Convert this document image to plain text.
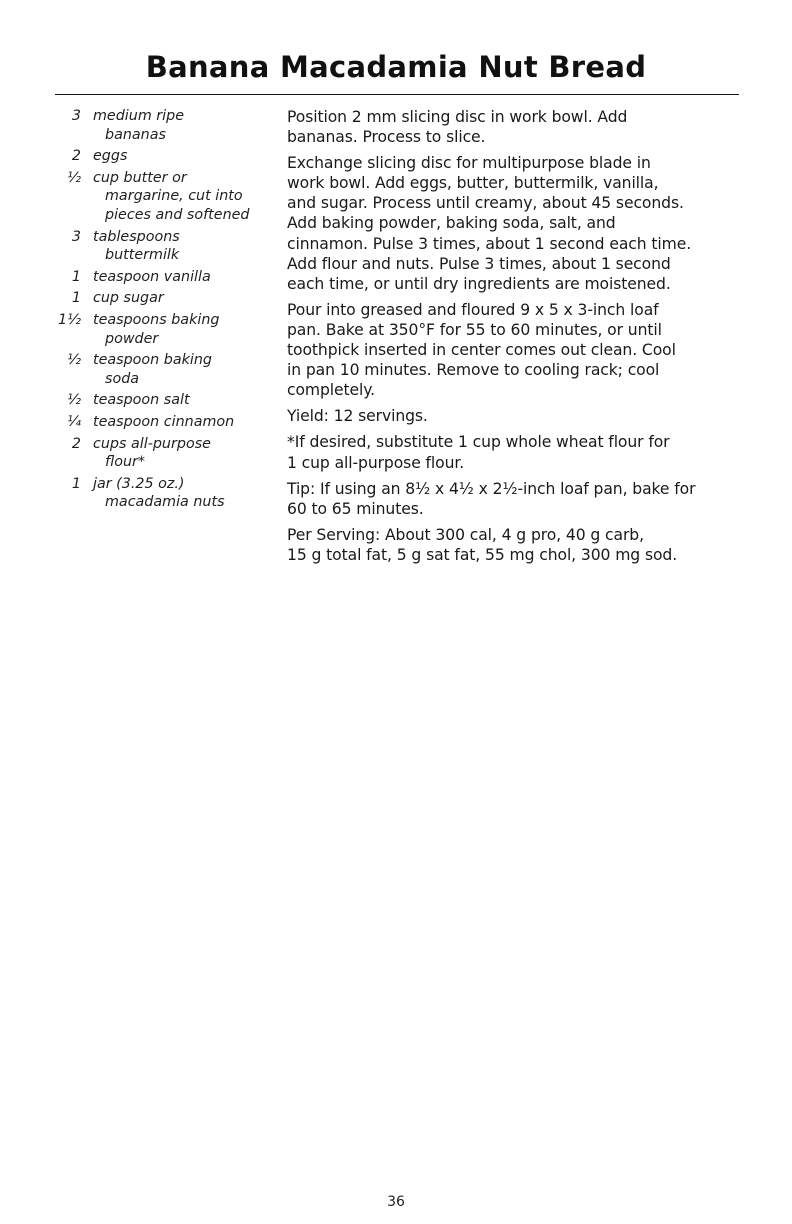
Banana Macadamia Nut Bread
3 medium ripe
bananas
2 eggs
½ cup butter or
margarine, cut into
pieces and softened
3 tablespoons
buttermilk
1 teaspoon vanilla
1 cup sugar
1½ teaspoons baking
powder
½ teaspoon baking
soda
½ teaspoon salt
¼ teaspoon cinnamon
2 cups all-purpose
flour*
1 jar (3.25 oz.)
macadamia nuts

Position 2 mm slicing disc in work bowl. Add
bananas. Process to slice.

Exchange slicing disc for multipurpose blade in
work bowl. Add eggs, butter, buttermilk, vanilla,
and sugar. Process until creamy, about 45 seconds.
Add baking powder, baking soda, salt, and
cinnamon. Pulse 3 times, about 1 second each time.
Add flour and nuts. Pulse 3 times, about 1 second
each time, or until dry ingredients are moistened.

Pour into greased and floured 9 x 5 x 3-inch loaf
pan. Bake at 350°F for 55 to 60 minutes, or until
toothpick inserted in center comes out clean. Cool
in pan 10 minutes. Remove to cooling rack; cool
completely.

Yield: 12 servings.

*If desired, substitute 1 cup whole wheat flour for
1 cup all-purpose flour.

Tip: If using an 8½ x 4½ x 2½-inch loaf pan, bake for
60 to 65 minutes.

Per Serving: About 300 cal, 4 g pro, 40 g carb,
15 g total fat, 5 g sat fat, 55 mg chol, 300 mg sod.

36
